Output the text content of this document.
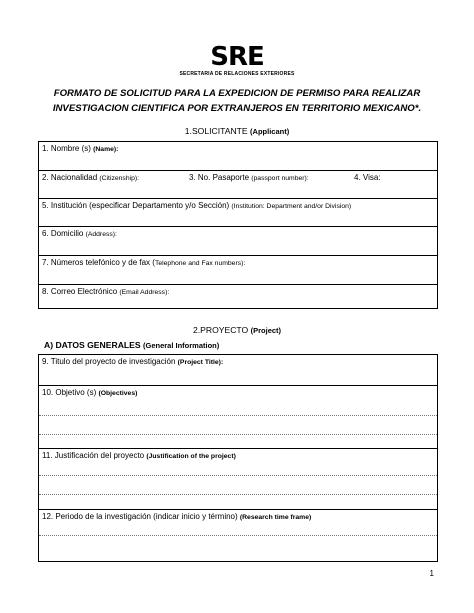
SRE
SECRETARIA DE RELACIONES EXTERIORES
FORMATO DE SOLICITUD PARA LA EXPEDICION DE PERMISO PARA REALIZAR
INVESTIGACION CIENTIFICA POR EXTRANJEROS EN TERRITORIO MEXICANO*.
1.SOLICITANTE (Applicant)
1. Nombre (s) (Name):
2. Nacionalidad (Citizenship):	3. No. Pasaporte (passport number):	4. Visa:
5. Institución (especificar Departamento y/o Sección) (Institution: Department and/or Division)
6. Domicilio (Address):
7. Números telefónico y de fax (Telephone and Fax numbers):
8. Correo Electrónico (Email Address):
2.PROYECTO (Project)
A) DATOS GENERALES (General Information)
9. Titulo del proyecto de investigación (Project Title):
10. Objetivo (s) (Objectives)
11. Justificación del proyecto (Justification of the project)
12. Periodo de la investigación (indicar inicio y término) (Research time frame)
1
